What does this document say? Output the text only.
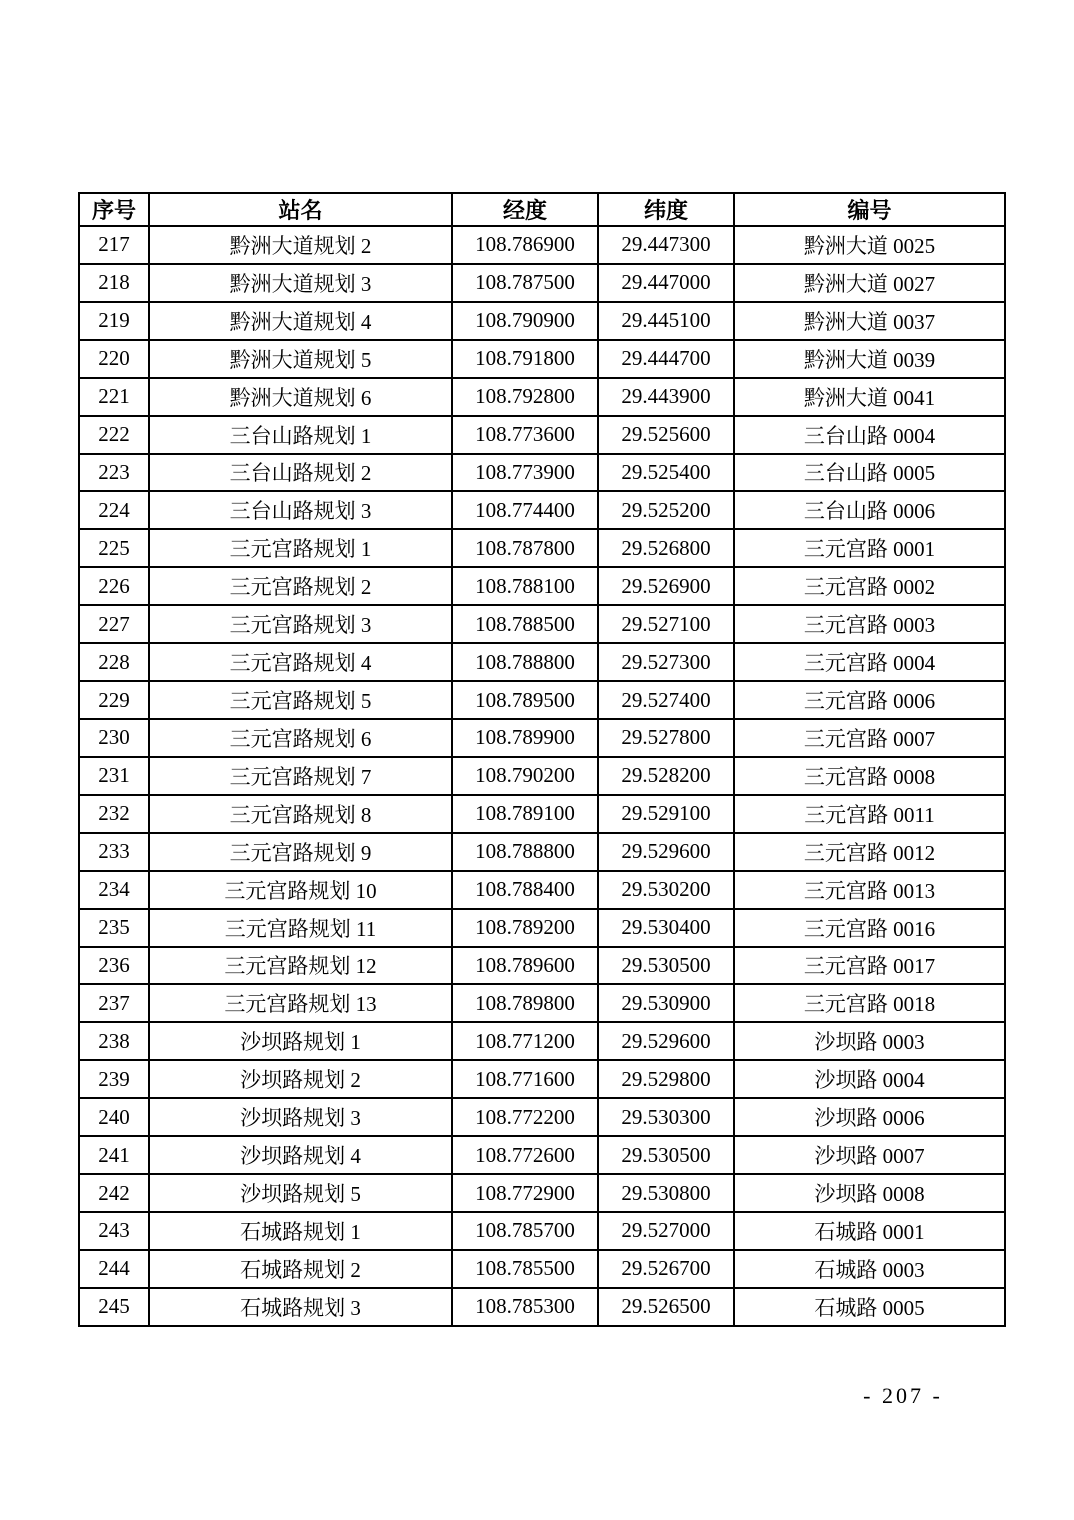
序号	站名	经度	纬度	编号
217	黔洲大道规划 2	108.786900	29.447300	黔洲大道 0025
218	黔洲大道规划 3	108.787500	29.447000	黔洲大道 0027
219	黔洲大道规划 4	108.790900	29.445100	黔洲大道 0037
220	黔洲大道规划 5	108.791800	29.444700	黔洲大道 0039
221	黔洲大道规划 6	108.792800	29.443900	黔洲大道 0041
222	三台山路规划 1	108.773600	29.525600	三台山路 0004
223	三台山路规划 2	108.773900	29.525400	三台山路 0005
224	三台山路规划 3	108.774400	29.525200	三台山路 0006
225	三元宫路规划 1	108.787800	29.526800	三元宫路 0001
226	三元宫路规划 2	108.788100	29.526900	三元宫路 0002
227	三元宫路规划 3	108.788500	29.527100	三元宫路 0003
228	三元宫路规划 4	108.788800	29.527300	三元宫路 0004
229	三元宫路规划 5	108.789500	29.527400	三元宫路 0006
230	三元宫路规划 6	108.789900	29.527800	三元宫路 0007
231	三元宫路规划 7	108.790200	29.528200	三元宫路 0008
232	三元宫路规划 8	108.789100	29.529100	三元宫路 0011
233	三元宫路规划 9	108.788800	29.529600	三元宫路 0012
234	三元宫路规划 10	108.788400	29.530200	三元宫路 0013
235	三元宫路规划 11	108.789200	29.530400	三元宫路 0016
236	三元宫路规划 12	108.789600	29.530500	三元宫路 0017
237	三元宫路规划 13	108.789800	29.530900	三元宫路 0018
238	沙坝路规划 1	108.771200	29.529600	沙坝路 0003
239	沙坝路规划 2	108.771600	29.529800	沙坝路 0004
240	沙坝路规划 3	108.772200	29.530300	沙坝路 0006
241	沙坝路规划 4	108.772600	29.530500	沙坝路 0007
242	沙坝路规划 5	108.772900	29.530800	沙坝路 0008
243	石城路规划 1	108.785700	29.527000	石城路 0001
244	石城路规划 2	108.785500	29.526700	石城路 0003
245	石城路规划 3	108.785300	29.526500	石城路 0005
- 207 -
